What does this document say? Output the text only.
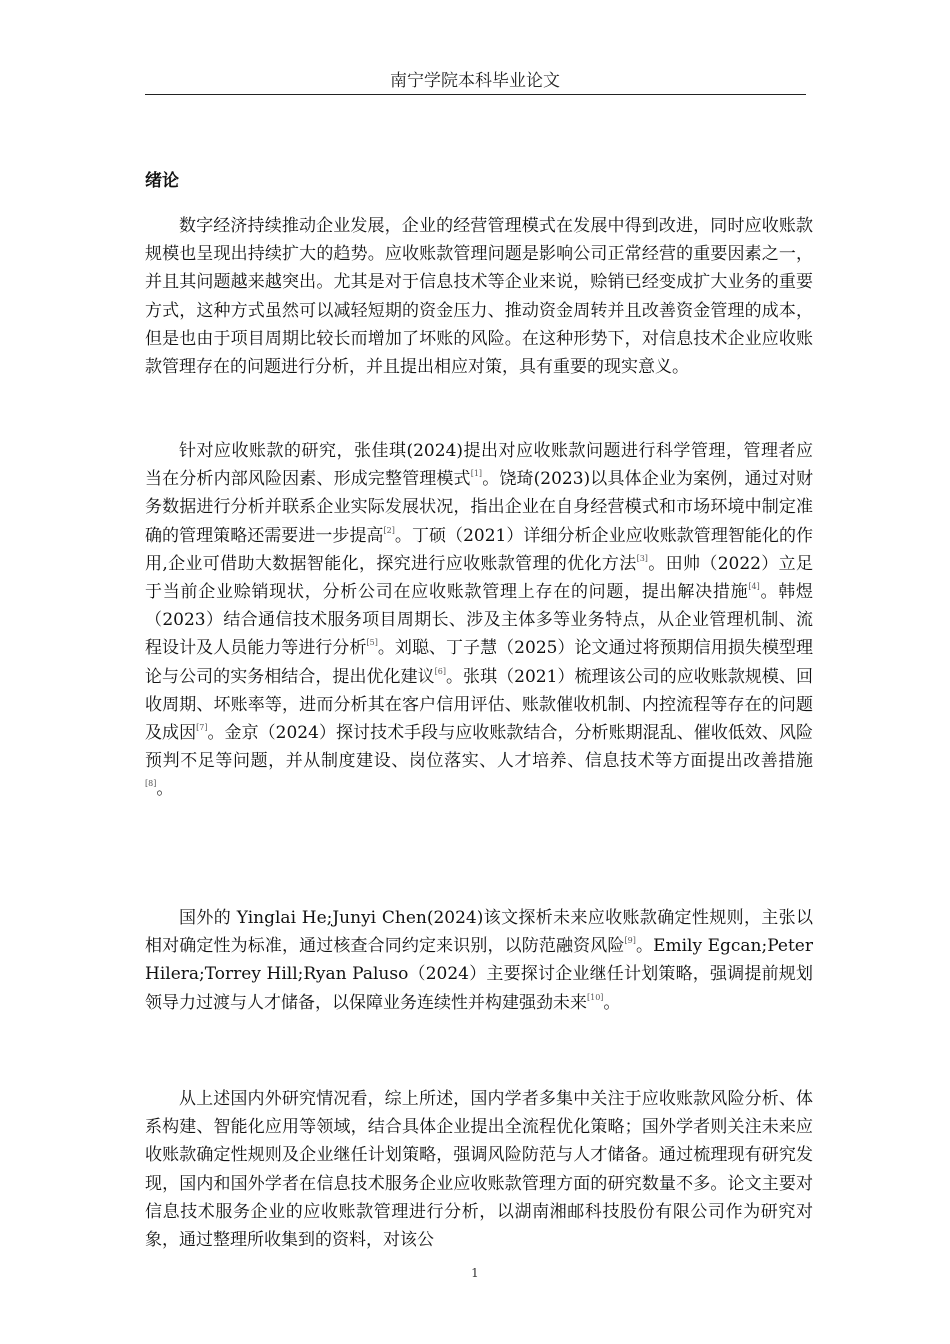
南宁学院本科毕业论文
绪论

数字经济持续推动企业发展，企业的经营管理模式在发展中得到改进，同时应收账款规模也呈现出持续扩大的趋势。应收账款管理问题是影响公司正常经营的重要因素之一，并且其问题越来越突出。尤其是对于信息技术等企业来说，赊销已经变成扩大业务的重要方式，这种方式虽然可以减轻短期的资金压力、推动资金周转并且改善资金管理的成本，但是也由于项目周期比较长而增加了坏账的风险。在这种形势下，对信息技术企业应收账款管理存在的问题进行分析，并且提出相应对策，具有重要的现实意义。

针对应收账款的研究，张佳琪(2024)提出对应收账款问题进行科学管理，管理者应当在分析内部风险因素、形成完整管理模式[1]。饶琦(2023)以具体企业为案例，通过对财务数据进行分析并联系企业实际发展状况，指出企业在自身经营模式和市场环境中制定准确的管理策略还需要进一步提高[2]。丁硕（2021）详细分析企业应收账款管理智能化的作用,企业可借助大数据智能化，探究进行应收账款管理的优化方法[3]。田帅（2022）立足于当前企业赊销现状，分析公司在应收账款管理上存在的问题，提出解决措施[4]。韩煜（2023）结合通信技术服务项目周期长、涉及主体多等业务特点，从企业管理机制、流程设计及人员能力等进行分析[5]。刘聪、丁子慧（2025）论文通过将预期信用损失模型理论与公司的实务相结合，提出优化建议[6]。张琪（2021）梳理该公司的应收账款规模、回收周期、坏账率等，进而分析其在客户信用评估、账款催收机制、内控流程等存在的问题及成因[7]。金京（2024）探讨技术手段与应收账款结合，分析账期混乱、催收低效、风险预判不足等问题，并从制度建设、岗位落实、人才培养、信息技术等方面提出改善措施[8]。

国外的 Yinglai He;Junyi Chen(2024)该文探析未来应收账款确定性规则，主张以相对确定性为标准，通过核查合同约定来识别，以防范融资风险[9]。Emily Egcan;Peter Hilera;Torrey Hill;Ryan Paluso（2024）主要探讨企业继任计划策略，强调提前规划领导力过渡与人才储备，以保障业务连续性并构建强劲未来[10]。

从上述国内外研究情况看，综上所述，国内学者多集中关注于应收账款风险分析、体系构建、智能化应用等领域，结合具体企业提出全流程优化策略；国外学者则关注未来应收账款确定性规则及企业继任计划策略，强调风险防范与人才储备。通过梳理现有研究发现，国内和国外学者在信息技术服务企业应收账款管理方面的研究数量不多。论文主要对信息技术服务企业的应收账款管理进行分析，以湖南湘邮科技股份有限公司作为研究对象，通过整理所收集到的资料，对该公

1
